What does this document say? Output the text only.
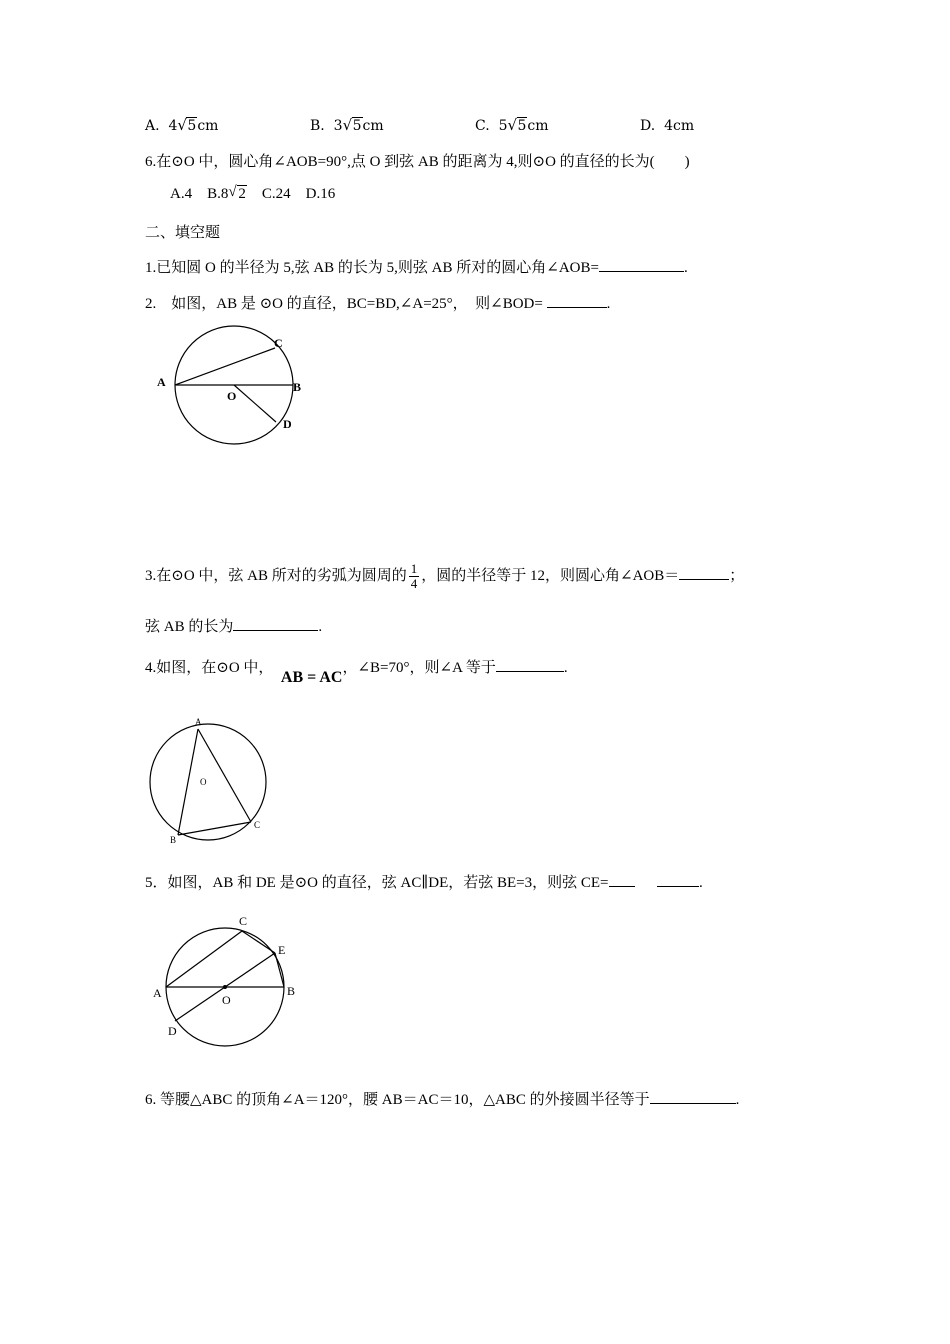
A. 4 √ 5cm	B. 3 √ 5cm	C. 5 √ 5cm	D. 4cm
6.在⊙O 中，圆心角∠AOB=90°,点 O 到弦 AB 的距离为 4,则⊙O 的直径的长为(　　)
A.4 B.8 √ 2 C.24 D.16
二、填空题
1.已知圆 O 的半径为 5,弦 AB 的长为 5,则弦 AB 所对的圆心角∠AOB=	.
2.　如图，AB 是 ⊙O 的直径，BC=BD,∠A=25°，　则∠BOD=	.
A	B
C
D
O
3.在⊙O 中，弦 AB 所对的劣弧为圆周的 $\frac{1}{4}$ ，圆的半径等于 12，则圆心角∠AOB＝	；
弦 AB 的长为	.
4.如图，在⊙O 中，  AB = AC，∠B=70°，则∠A 等于	.
A
B
C
O
5．如图，AB 和 DE 是⊙O 的直径，弦 AC∥DE，若弦 BE=3，则弦 CE=	.
A	B
C
D
E
O
6. 等腰△ABC 的顶角∠A＝120°，腰 AB＝AC＝10，△ABC 的外接圆半径等于	.
